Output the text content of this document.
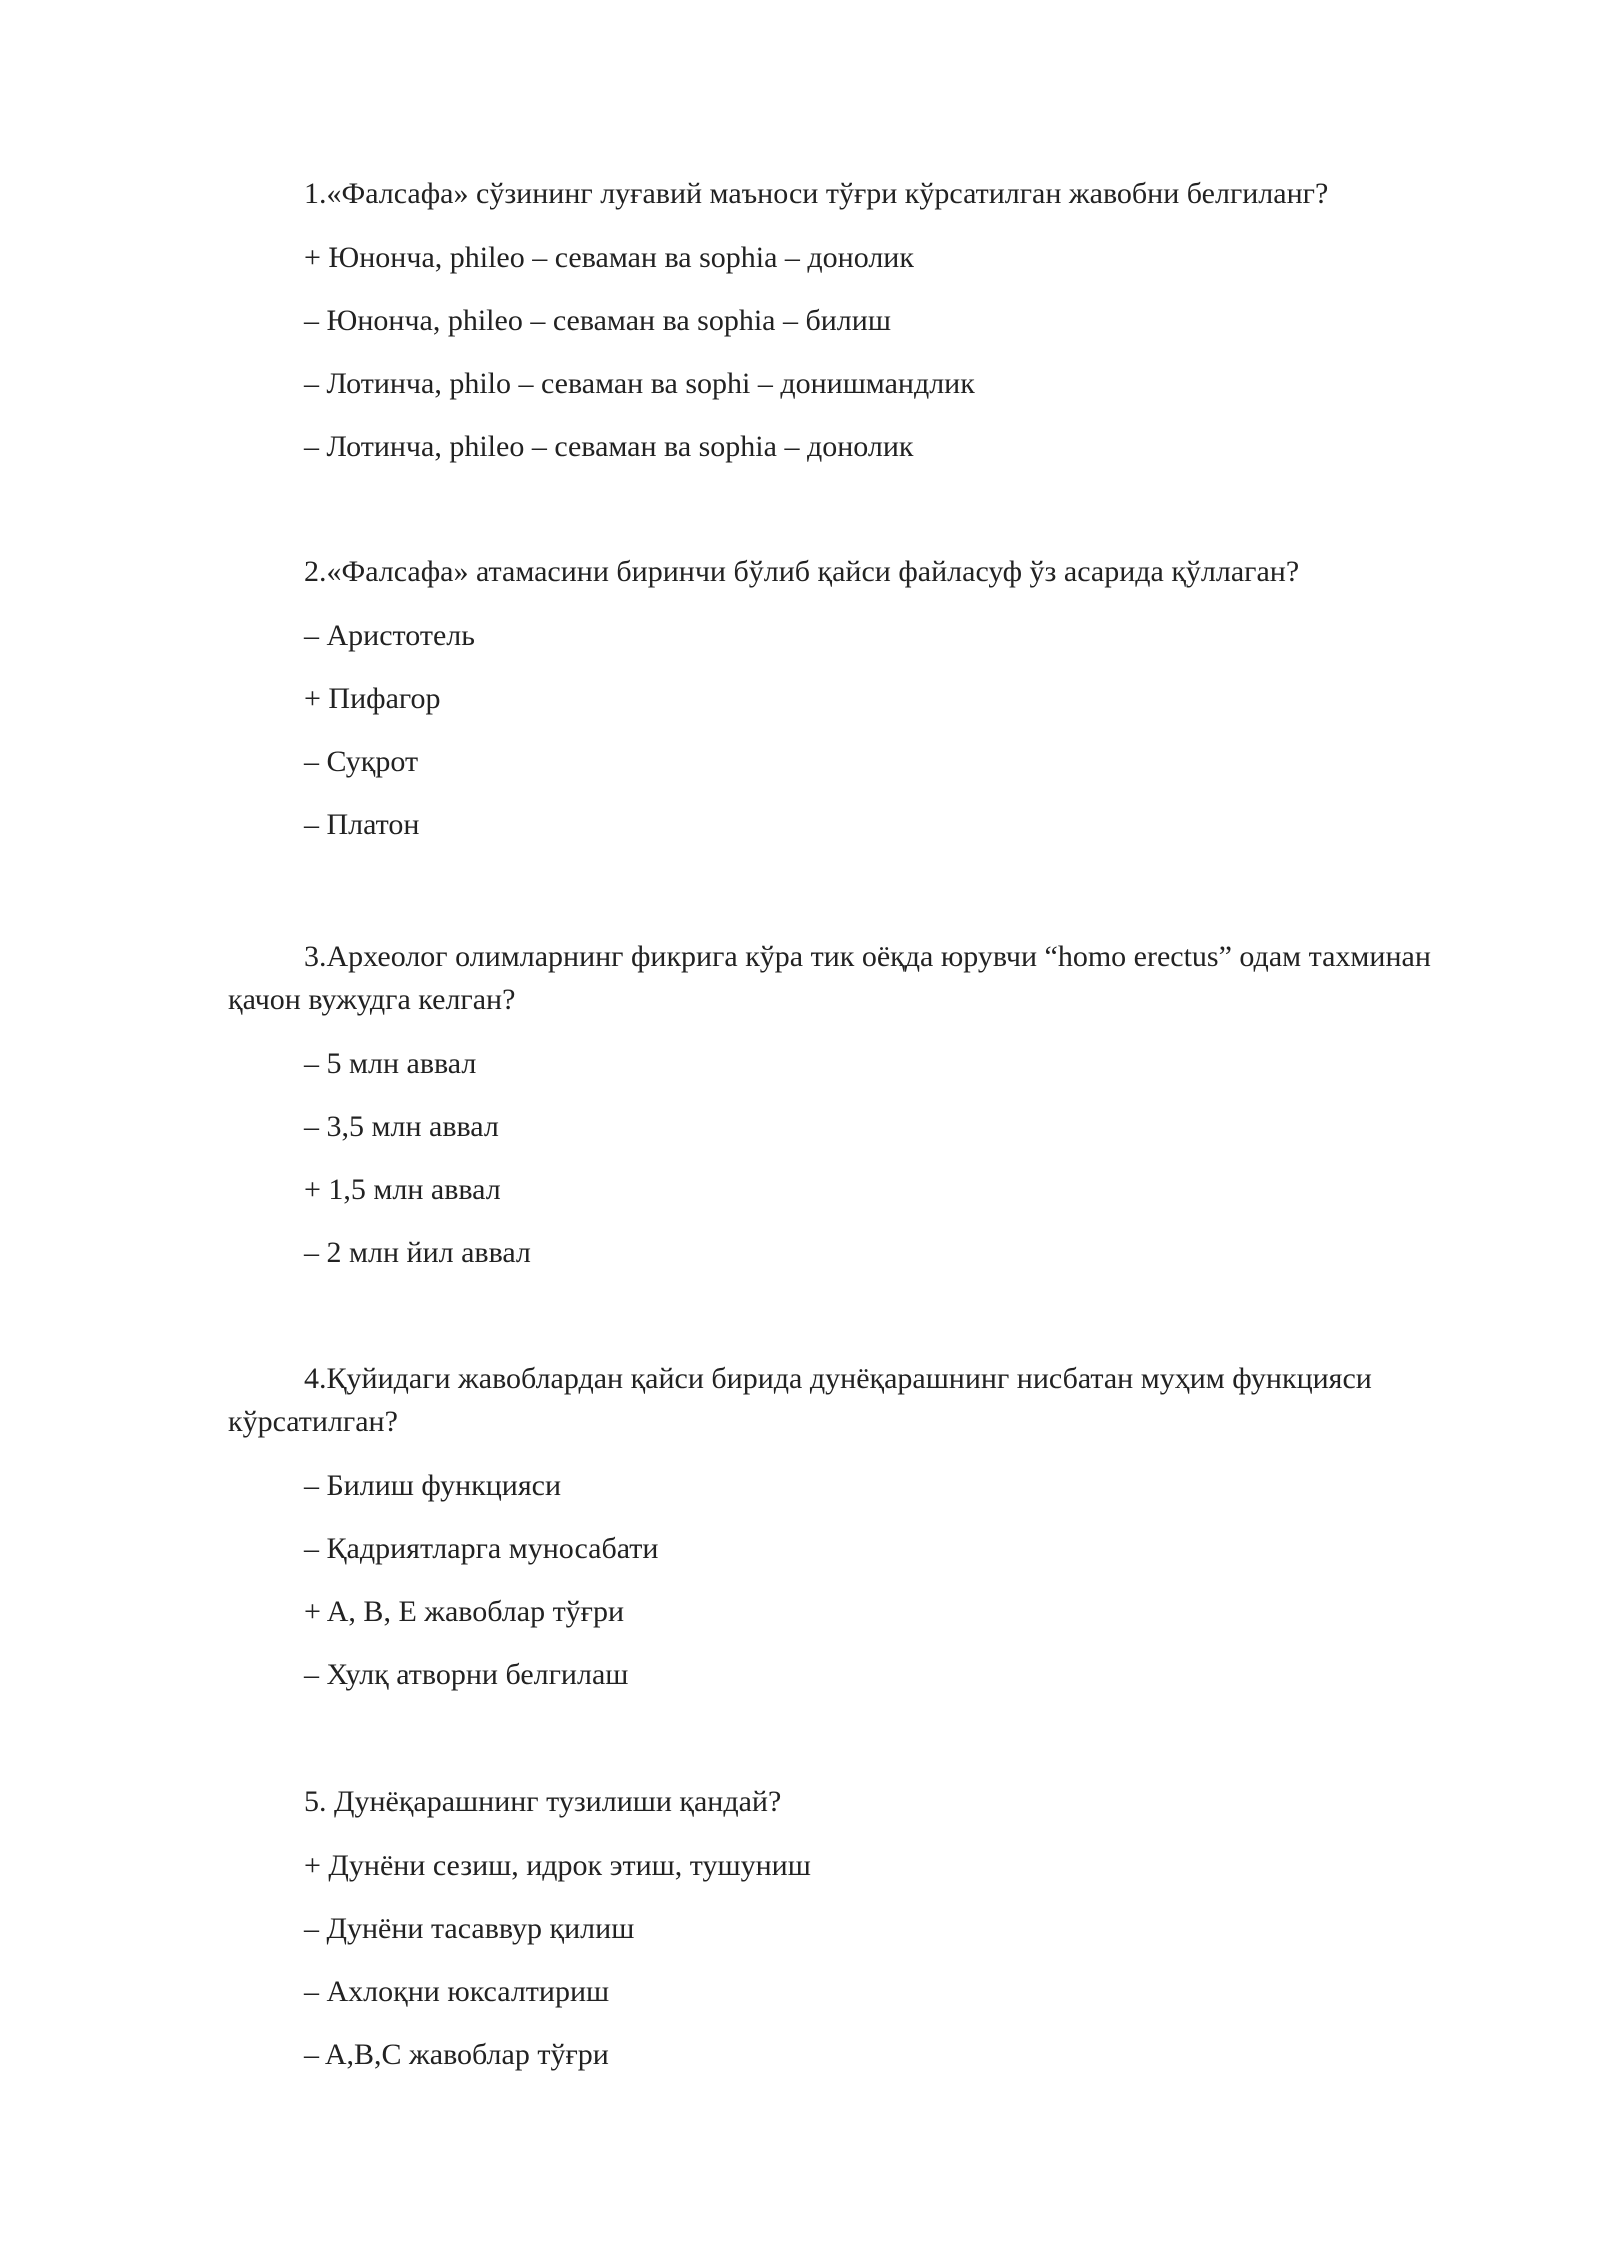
1.«Фалсафа» сўзининг луғавий маъноси тўғри кўрсатилган жавобни белгиланг?

+ Юнонча, phileo – севаман ва sophia – донолик
– Юнонча, phileo – севаман ва sophia – билиш
– Лотинча, philo – севаман ва sophi – донишмандлик
– Лотинча, phileo – севаман ва sophia – донолик

2.«Фалсафа» атамасини биринчи бўлиб қайси файласуф ўз асарида қўллаган?

– Аристотель
+ Пифагор
– Суқрот
– Платон

3.Археолог олимларнинг фикрига кўра тик оёқда юрувчи “homo erectus” одам тахминан қачон вужудга келган?

– 5 млн аввал
– 3,5 млн аввал
+ 1,5 млн аввал
– 2 млн йил аввал

4.Қуйидаги жавоблардан қайси бирида дунёқарашнинг нисбатан муҳим функцияси кўрсатилган?

– Билиш функцияси
– Қадриятларга муносабати
+ A, B, E жавоблар тўғри
– Хулқ атворни белгилаш

5. Дунёқарашнинг тузилиши қандай?

+ Дунёни сезиш, идрок этиш, тушуниш
– Дунёни тасаввур қилиш
– Ахлоқни юксалтириш
– A,B,C жавоблар тўғри
